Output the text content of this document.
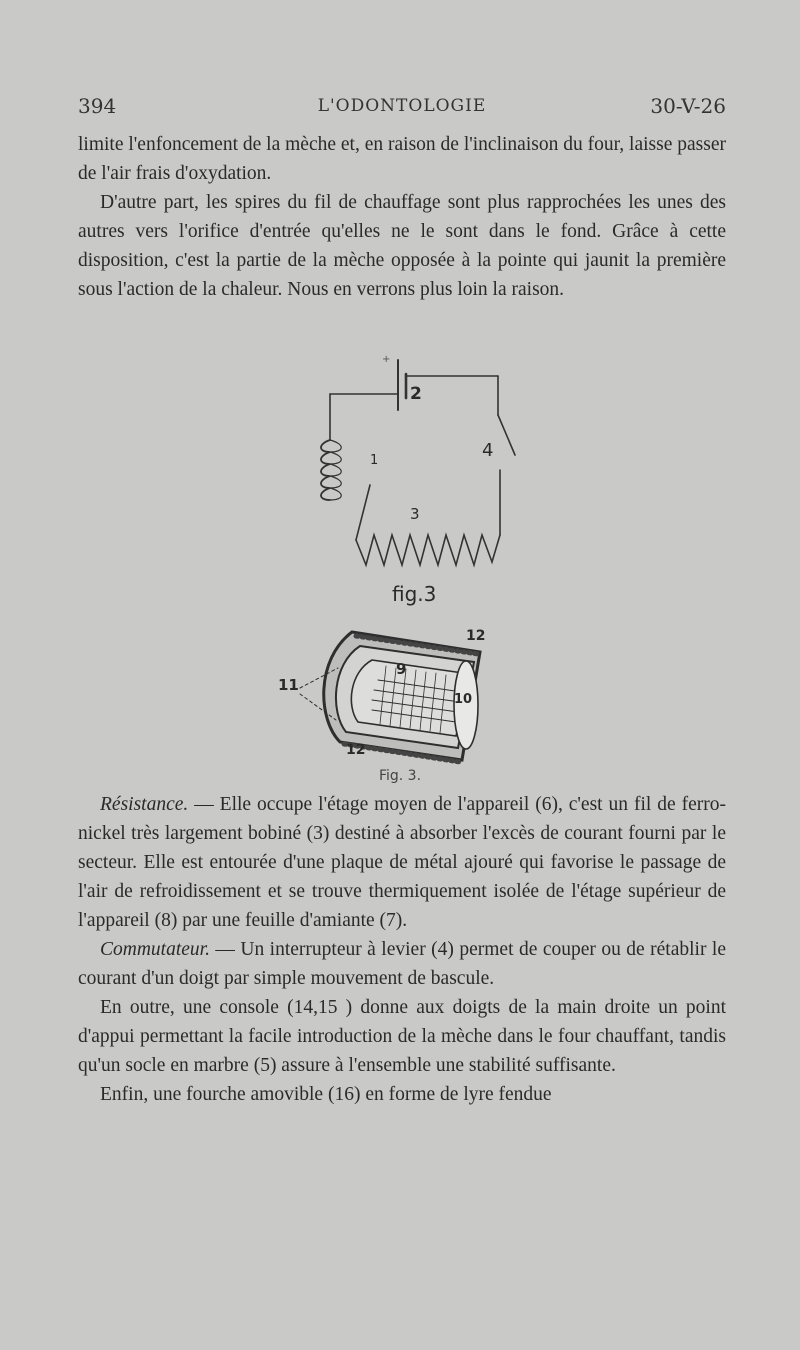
394	L'ODONTOLOGIE	30-V-26

limite l'enfoncement de la mèche et, en raison de l'inclinaison du four, laisse passer de l'air frais d'oxydation.

D'autre part, les spires du fil de chauffage sont plus rapprochées les unes des autres vers l'orifice d'entrée qu'elles ne le sont dans le fond. Grâce à cette disposition, c'est la partie de la mèche opposée à la pointe qui jaunit la première sous l'action de la chaleur. Nous en verrons plus loin la raison.

+
2
4
1
3
fig.3
12
9
11
10
12
Fig. 3.

Résistance. — Elle occupe l'étage moyen de l'appareil (6), c'est un fil de ferro-nickel très largement bobiné (3) destiné à absorber l'excès de courant fourni par le secteur. Elle est entourée d'une plaque de métal ajouré qui favorise le passage de l'air de refroidissement et se trouve thermiquement isolée de l'étage supérieur de l'appareil (8) par une feuille d'amiante (7).

Commutateur. — Un interrupteur à levier (4) permet de couper ou de rétablir le courant d'un doigt par simple mouvement de bascule.

En outre, une console (14,15 ) donne aux doigts de la main droite un point d'appui permettant la facile introduction de la mèche dans le four chauffant, tandis qu'un socle en marbre (5) assure à l'ensemble une stabilité suffisante.

Enfin, une fourche amovible (16) en forme de lyre fendue
